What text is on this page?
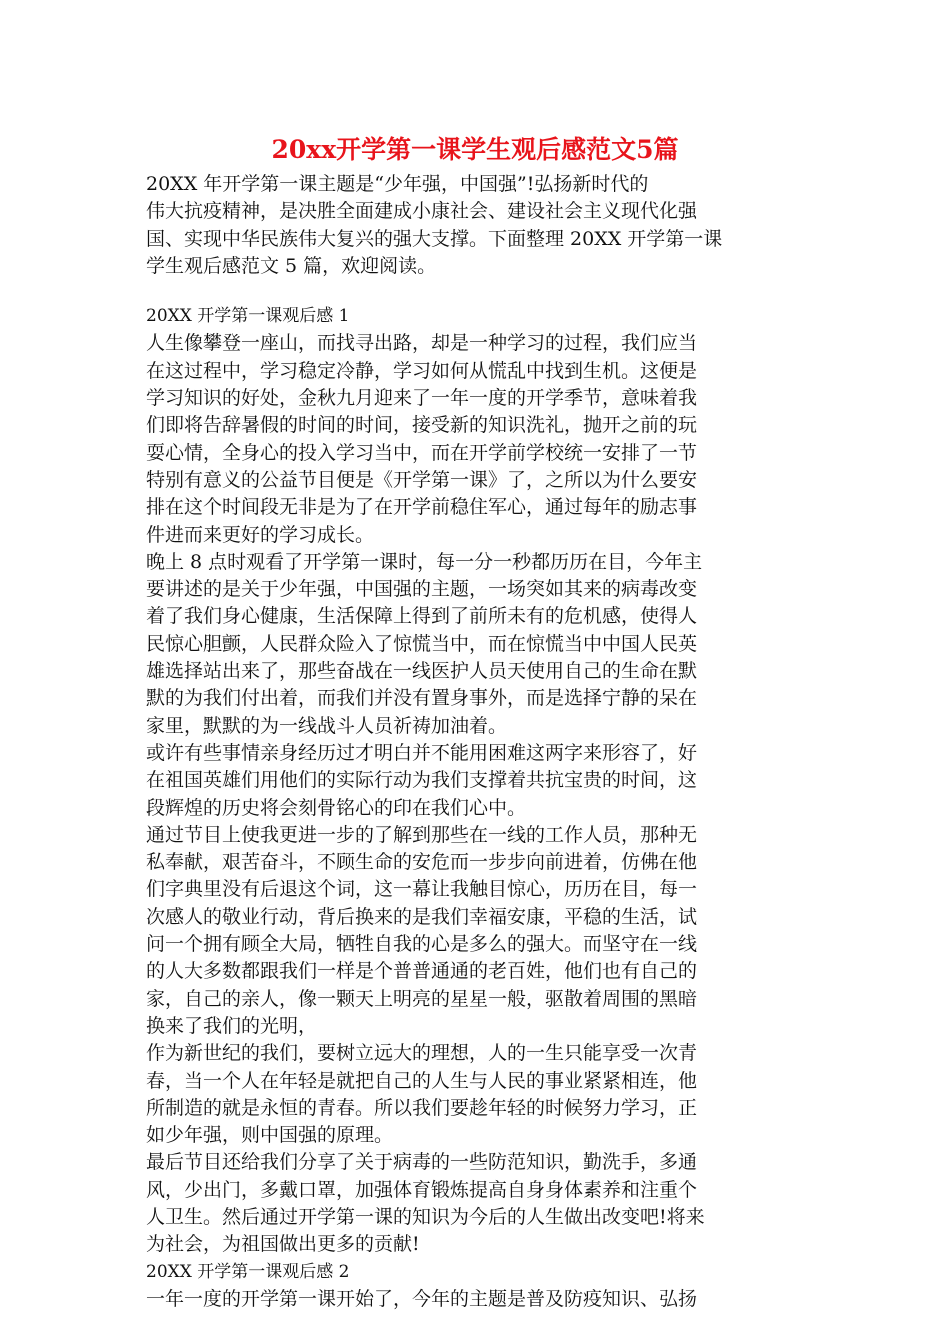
20xx开学第一课学生观后感范文5篇
20XX 年开学第一课主题是“少年强，中国强”!弘扬新时代的
伟大抗疫精神，是决胜全面建成小康社会、建设社会主义现代化强
国、实现中华民族伟大复兴的强大支撑。下面整理 20XX 开学第一课
学生观后感范文 5 篇，欢迎阅读。
20XX 开学第一课观后感 1
人生像攀登一座山，而找寻出路，却是一种学习的过程，我们应当
在这过程中，学习稳定冷静，学习如何从慌乱中找到生机。这便是
学习知识的好处，金秋九月迎来了一年一度的开学季节，意味着我
们即将告辞暑假的时间的时间，接受新的知识洗礼，抛开之前的玩
耍心情，全身心的投入学习当中，而在开学前学校统一安排了一节
特别有意义的公益节目便是《开学第一课》了，之所以为什么要安
排在这个时间段无非是为了在开学前稳住军心，通过每年的励志事
件进而来更好的学习成长。
晚上 8 点时观看了开学第一课时，每一分一秒都历历在目，今年主
要讲述的是关于少年强，中国强的主题，一场突如其来的病毒改变
着了我们身心健康，生活保障上得到了前所未有的危机感，使得人
民惊心胆颤，人民群众险入了惊慌当中，而在惊慌当中中国人民英
雄选择站出来了，那些奋战在一线医护人员天使用自己的生命在默
默的为我们付出着，而我们并没有置身事外，而是选择宁静的呆在
家里，默默的为一线战斗人员祈祷加油着。
或许有些事情亲身经历过才明白并不能用困难这两字来形容了，好
在祖国英雄们用他们的实际行动为我们支撑着共抗宝贵的时间，这
段辉煌的历史将会刻骨铭心的印在我们心中。
通过节目上使我更进一步的了解到那些在一线的工作人员，那种无
私奉献，艰苦奋斗，不顾生命的安危而一步步向前进着，仿佛在他
们字典里没有后退这个词，这一幕让我触目惊心，历历在目，每一
次感人的敬业行动，背后换来的是我们幸福安康，平稳的生活，试
问一个拥有顾全大局，牺牲自我的心是多么的强大。而坚守在一线
的人大多数都跟我们一样是个普普通通的老百姓，他们也有自己的
家，自己的亲人，像一颗天上明亮的星星一般，驱散着周围的黑暗
换来了我们的光明，
作为新世纪的我们，要树立远大的理想，人的一生只能享受一次青
春，当一个人在年轻是就把自己的人生与人民的事业紧紧相连，他
所制造的就是永恒的青春。所以我们要趁年轻的时候努力学习，正
如少年强，则中国强的原理。
最后节目还给我们分享了关于病毒的一些防范知识，勤洗手，多通
风，少出门，多戴口罩，加强体育锻炼提高自身身体素养和注重个
人卫生。然后通过开学第一课的知识为今后的人生做出改变吧!将来
为社会，为祖国做出更多的贡献!
20XX 开学第一课观后感 2
一年一度的开学第一课开始了，今年的主题是普及防疫知识、弘扬
